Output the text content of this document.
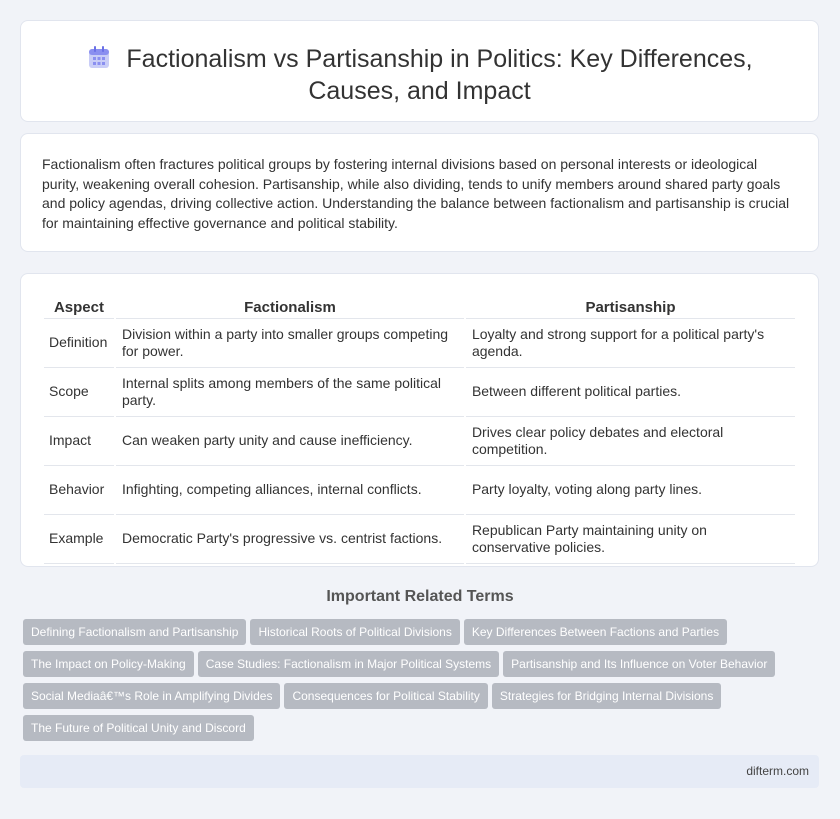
Factionalism vs Partisanship in Politics: Key Differences, Causes, and Impact

Factionalism often fractures political groups by fostering internal divisions based on personal interests or ideological purity, weakening overall cohesion. Partisanship, while also dividing, tends to unify members around shared party goals and policy agendas, driving collective action. Understanding the balance between factionalism and partisanship is crucial for maintaining effective governance and political stability.

Aspect	Factionalism	Partisanship
Definition	Division within a party into smaller groups competing for power.	Loyalty and strong support for a political party's agenda.
Scope	Internal splits among members of the same political party.	Between different political parties.
Impact	Can weaken party unity and cause inefficiency.	Drives clear policy debates and electoral competition.
Behavior	Infighting, competing alliances, internal conflicts.	Party loyalty, voting along party lines.
Example	Democratic Party's progressive vs. centrist factions.	Republican Party maintaining unity on conservative policies.
Important Related Terms
Defining Factionalism and Partisanship Historical Roots of Political Divisions Key Differences Between Factions and Parties
The Impact on Policy-Making Case Studies: Factionalism in Major Political Systems Partisanship and Its Influence on Voter Behavior
Social Mediaâ€™s Role in Amplifying Divides Consequences for Political Stability Strategies for Bridging Internal Divisions
The Future of Political Unity and Discord
difterm.com
